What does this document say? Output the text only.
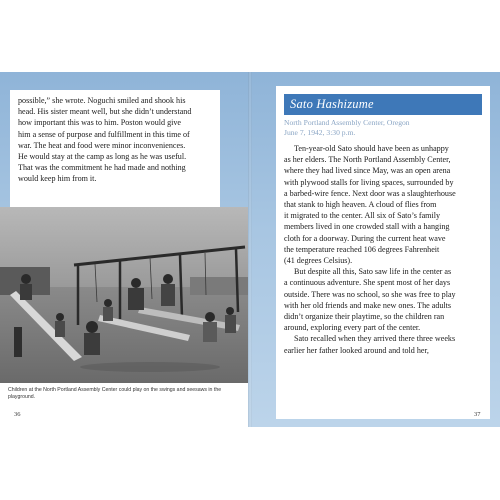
possible,” she wrote. Noguchi smiled and shook his
head. His sister meant well, but she didn’t understand
how important this was to him. Poston would give
him a sense of purpose and fulfillment in this time of
war. The heat and food were minor inconveniences.
He would stay at the camp as long as he was useful.
That was the commitment he had made and nothing
would keep him from it.
Children at the North Portland Assembly Center could play on the swings and seesaws in the playground.
36
Sato Hashizume
North Portland Assembly Center, Oregon
June 7, 1942, 3:30 p.m.
Ten-year-old Sato should have been as unhappy
as her elders. The North Portland Assembly Center,
where they had lived since May, was an open arena
with plywood stalls for living spaces, surrounded by
a barbed-wire fence. Next door was a slaughterhouse
that stank to high heaven. A cloud of flies from
it migrated to the center. All six of Sato’s family
members lived in one crowded stall with a hanging
cloth for a doorway. During the current heat wave
the temperature reached 106 degrees Fahrenheit
(41 degrees Celsius).
But despite all this, Sato saw life in the center as
a continuous adventure. She spent most of her days
outside. There was no school, so she was free to play
with her old friends and make new ones. The adults
didn’t organize their playtime, so the children ran
around, exploring every part of the center.
Sato recalled when they arrived there three weeks
earlier her father looked around and told her,
37
